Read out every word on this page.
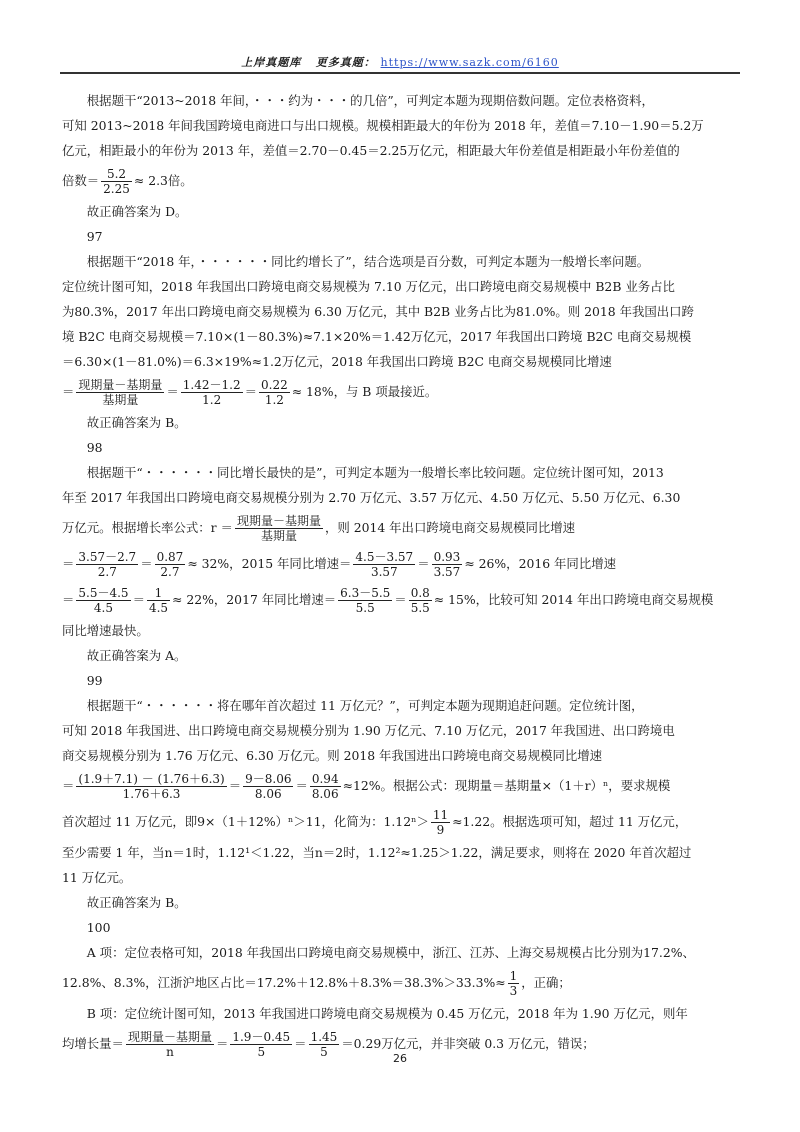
上岸真题库 更多真题： https://www.sazk.com/6160

根据题干“2013~2018 年间，・・・约为・・・的几倍”，可判定本题为现期倍数问题。定位表格资料，

可知 2013~2018 年间我国跨境电商进口与出口规模。规模相距最大的年份为 2018 年，差值＝7.10－1.90＝5.2万

亿元，相距最小的年份为 2013 年，差值＝2.70－0.45＝2.25万亿元，相距最大年份差值是相距最小年份差值的

倍数＝ $\frac{5.2}{2.25} \approx 2.3$倍。

故正确答案为 D。

97

根据题干“2018 年，・・・・・・同比约增长了”，结合选项是百分数，可判定本题为一般增长率问题。

定位统计图可知，2018 年我国出口跨境电商交易规模为 7.10 万亿元，出口跨境电商交易规模中 B2B 业务占比

为80.3%，2017 年出口跨境电商交易规模为 6.30 万亿元，其中 B2B 业务占比为81.0%。则 2018 年我国出口跨

境 B2C 电商交易规模＝7.10×(1－80.3%)≈7.1×20%＝1.42万亿元，2017 年我国出口跨境 B2C 电商交易规模

＝6.30×(1－81.0%)＝6.3×19%≈1.2万亿元，2018 年我国出口跨境 B2C 电商交易规模同比增速

＝ $\frac{\text{现期量－基期量}}{\text{基期量}} = \frac{1.42-1.2}{1.2} = \frac{0.22}{1.2} \approx 18\%$，与 B 项最接近。

故正确答案为 B。

98

根据题干“・・・・・・同比增长最快的是”，可判定本题为一般增长率比较问题。定位统计图可知，2013

年至 2017 年我国出口跨境电商交易规模分别为 2.70 万亿元、3.57 万亿元、4.50 万亿元、5.50 万亿元、6.30

万亿元。根据增长率公式：$r = \frac{\text{现期量－基期量}}{\text{基期量}}$ ，则 2014 年出口跨境电商交易规模同比增速

＝ $\frac{3.57-2.7}{2.7} = \frac{0.87}{2.7} \approx 32\%$，2015 年同比增速＝ $\frac{4.5-3.57}{3.57} = \frac{0.93}{3.57} \approx 26\%$，2016 年同比增速

＝ $\frac{5.5-4.5}{4.5} = \frac{1}{4.5} \approx 22\%$，2017 年同比增速＝ $\frac{6.3-5.5}{5.5} = \frac{0.8}{5.5} \approx 15\%$，比较可知 2014 年出口跨境电商交易规模

同比增速最快。

故正确答案为 A。

99

根据题干“・・・・・・将在哪年首次超过 11 万亿元？”，可判定本题为现期追赶问题。定位统计图，

可知 2018 年我国进、出口跨境电商交易规模分别为 1.90 万亿元、7.10 万亿元，2017 年我国进、出口跨境电

商交易规模分别为 1.76 万亿元、6.30 万亿元。则 2018 年我国进出口跨境电商交易规模同比增速

＝ $\frac{(1.9+7.1) - (1.76+6.3)}{1.76+6.3} = \frac{9-8.06}{8.06} = \frac{0.94}{8.06} \approx 12\%$。根据公式：现期量＝基期量×（1＋r）ⁿ，要求规模

首次超过 11 万亿元，即9×（1＋12%）ⁿ＞11，化简为：$1.12^n> \frac{11}{9} \approx 1.22$。根据选项可知，超过 11 万亿元，

至少需要 1 年，当n＝1时，1.12¹＜1.22，当n＝2时，1.12²≈1.25＞1.22，满足要求，则将在 2020 年首次超过

11 万亿元。

故正确答案为 B。

100

A 项：定位表格可知，2018 年我国出口跨境电商交易规模中，浙江、江苏、上海交易规模占比分别为17.2%、

12.8%、8.3%，江浙沪地区占比$=17.2\%+12.8\%+8.3\%=38.3\%>33.3\%\approx \frac{1}{3}$ ，正确；

B 项：定位统计图可知，2013 年我国进口跨境电商交易规模为 0.45 万亿元，2018 年为 1.90 万亿元，则年

均增长量＝ $\frac{\text{现期量－基期量}}{n} = \frac{1.9-0.45}{5} = \frac{1.45}{5} =0.29$万亿元，并非突破 0.3 万亿元，错误；

26
